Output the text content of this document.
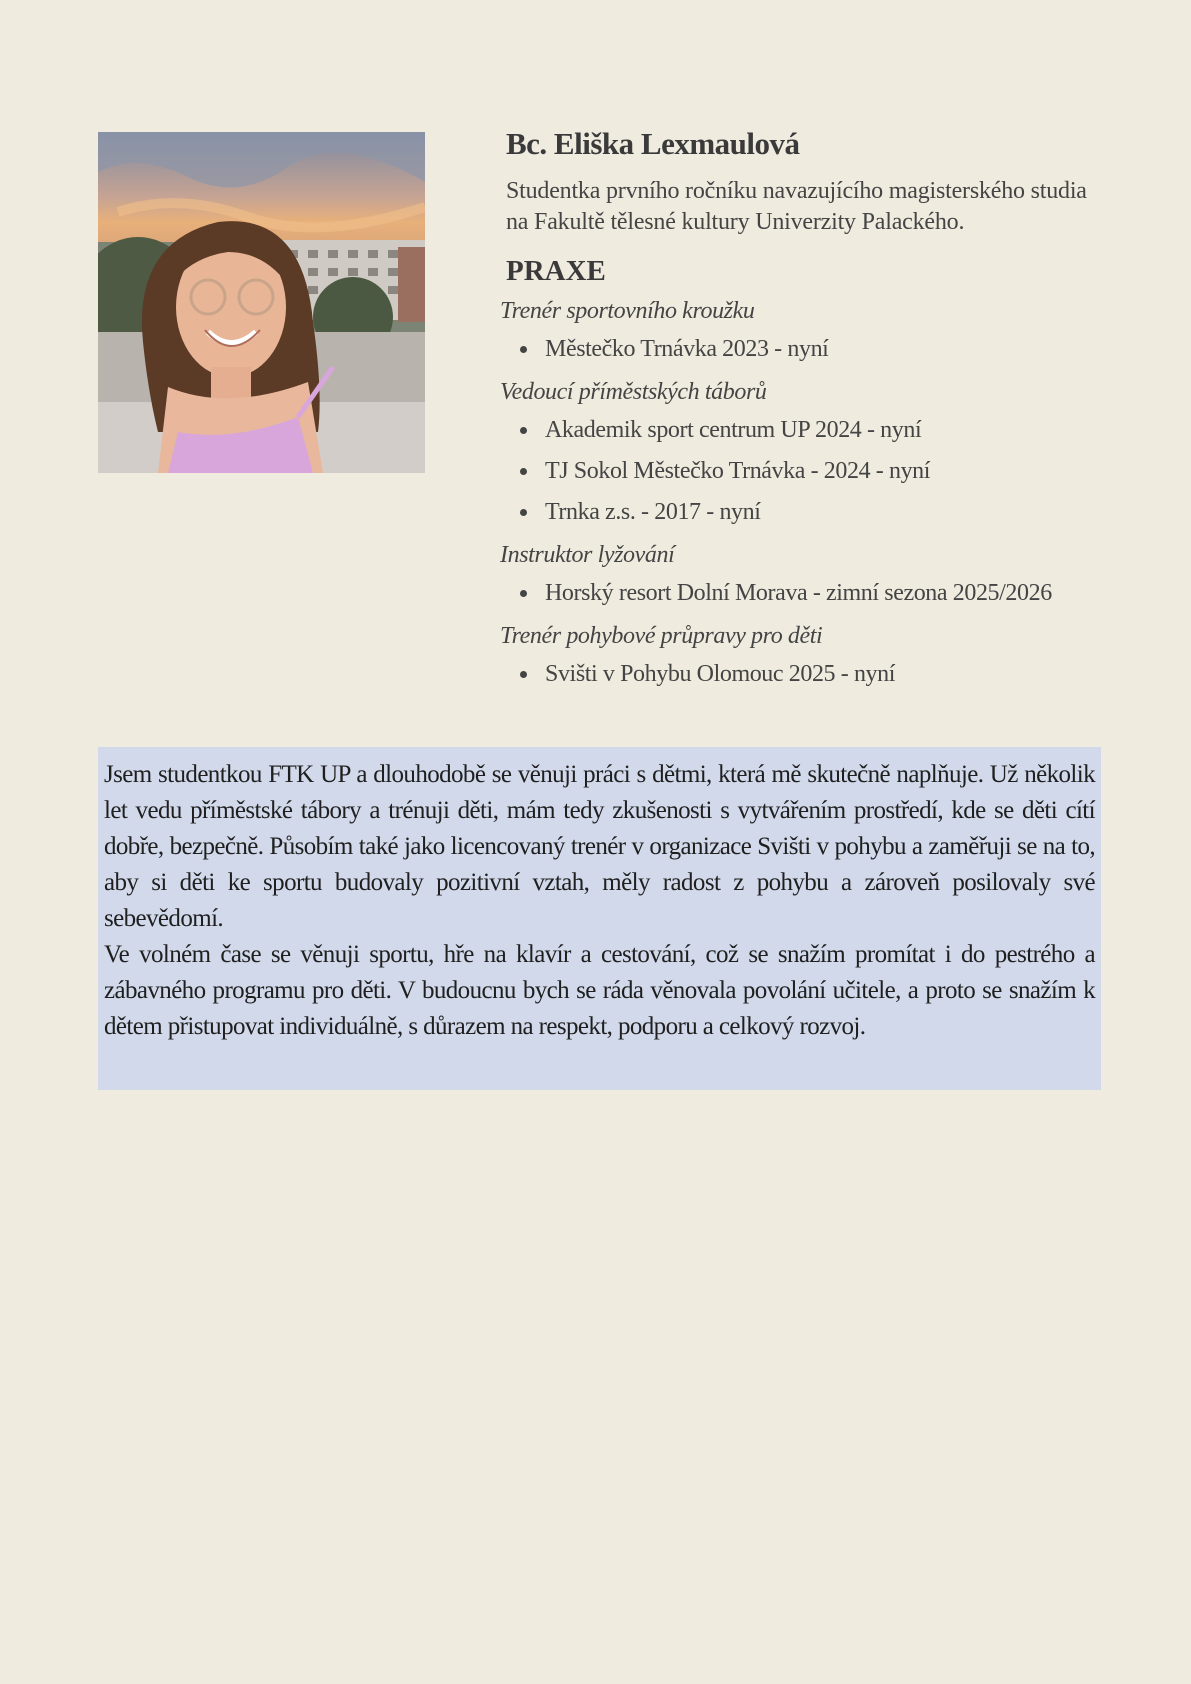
Bc. Eliška Lexmaulová

Studentka prvního ročníku navazujícího magisterského studia
na Fakultě tělesné kultury Univerzity Palackého.

PRAXE
Trenér sportovního kroužku
Městečko Trnávka 2023 - nyní
Vedoucí příměstských táborů
Akademik sport centrum UP 2024 - nyní
TJ Sokol Městečko Trnávka - 2024 - nyní
Trnka z.s. - 2017 - nyní
Instruktor lyžování
Horský resort Dolní Morava - zimní sezona 2025/2026
Trenér pohybové průpravy pro děti
Svišti v Pohybu Olomouc 2025 - nyní

Jsem studentkou FTK UP a dlouhodobě se věnuji práci s dětmi, která mě skutečně naplňuje. Už několik let vedu příměstské tábory a trénuji děti, mám tedy zkušenosti s vytvářením prostředí, kde se děti cítí dobře, bezpečně. Působím také jako licencovaný trenér v organizace Svišti v pohybu a zaměřuji se na to, aby si děti ke sportu budovaly pozitivní vztah, měly radost z pohybu a zároveň posilovaly své sebevědomí.

Ve volném čase se věnuji sportu, hře na klavír a cestování, což se snažím promítat i do pestrého a zábavného programu pro děti. V budoucnu bych se ráda věnovala povolání učitele, a proto se snažím k dětem přistupovat individuálně, s důrazem na respekt, podporu a celkový rozvoj.
